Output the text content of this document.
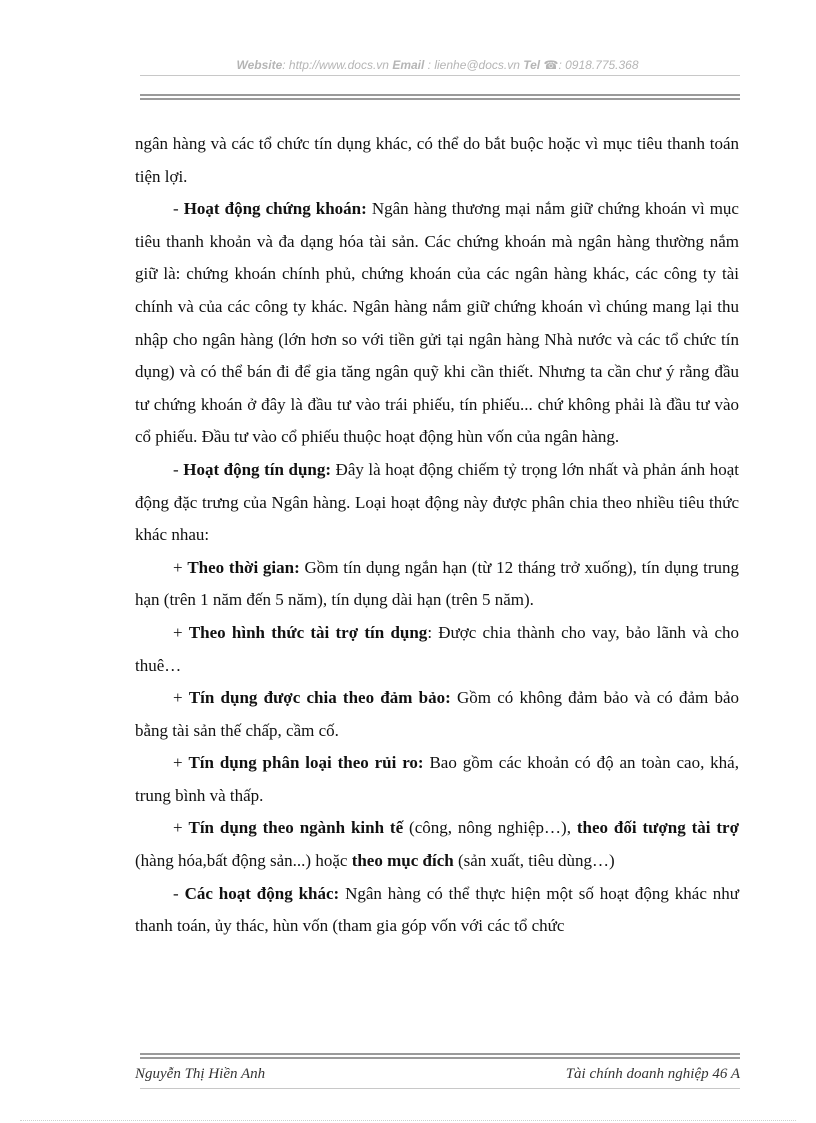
Website: http://www.docs.vn Email : lienhe@docs.vn Tel ☎: 0918.775.368

ngân hàng và các tổ chức tín dụng khác, có thể do bắt buộc hoặc vì mục tiêu thanh toán tiện lợi.

- Hoạt động chứng khoán: Ngân hàng thương mại nắm giữ chứng khoán vì mục tiêu thanh khoản và đa dạng hóa tài sản. Các chứng khoán mà ngân hàng thường nắm giữ là: chứng khoán chính phủ, chứng khoán của các ngân hàng khác, các công ty tài chính và của các công ty khác. Ngân hàng nắm giữ chứng khoán vì chúng mang lại thu nhập cho ngân hàng (lớn hơn so với tiền gửi tại ngân hàng Nhà nước và các tổ chức tín dụng) và có thể bán đi để gia tăng ngân quỹ khi cần thiết. Nhưng ta cần chư ý rằng đầu tư chứng khoán ở đây là đầu tư vào trái phiếu, tín phiếu... chứ không phải là đầu tư vào cổ phiếu. Đầu tư vào cổ phiếu thuộc hoạt động hùn vốn của ngân hàng.

- Hoạt động tín dụng: Đây là hoạt động chiếm tỷ trọng lớn nhất và phản ánh hoạt động đặc trưng của Ngân hàng. Loại hoạt động này được phân chia theo nhiều tiêu thức khác nhau:

+ Theo thời gian: Gồm tín dụng ngắn hạn (từ 12 tháng trở xuống), tín dụng trung hạn (trên 1 năm đến 5 năm), tín dụng dài hạn (trên 5 năm).

+ Theo hình thức tài trợ tín dụng: Được chia thành cho vay, bảo lãnh và cho thuê…

+ Tín dụng được chia theo đảm bảo: Gồm có không đảm bảo và có đảm bảo bằng tài sản thế chấp, cầm cố.

+ Tín dụng phân loại theo rủi ro: Bao gồm các khoản có độ an toàn cao, khá, trung bình và thấp.

+ Tín dụng theo ngành kinh tế (công, nông nghiệp…), theo đối tượng tài trợ (hàng hóa,bất động sản...) hoặc theo mục đích (sản xuất, tiêu dùng…)

- Các hoạt động khác: Ngân hàng có thể thực hiện một số hoạt động khác như thanh toán, ủy thác, hùn vốn (tham gia góp vốn với các tổ chức

Nguyễn Thị Hiền Anh	Tài chính doanh nghiệp 46 A
